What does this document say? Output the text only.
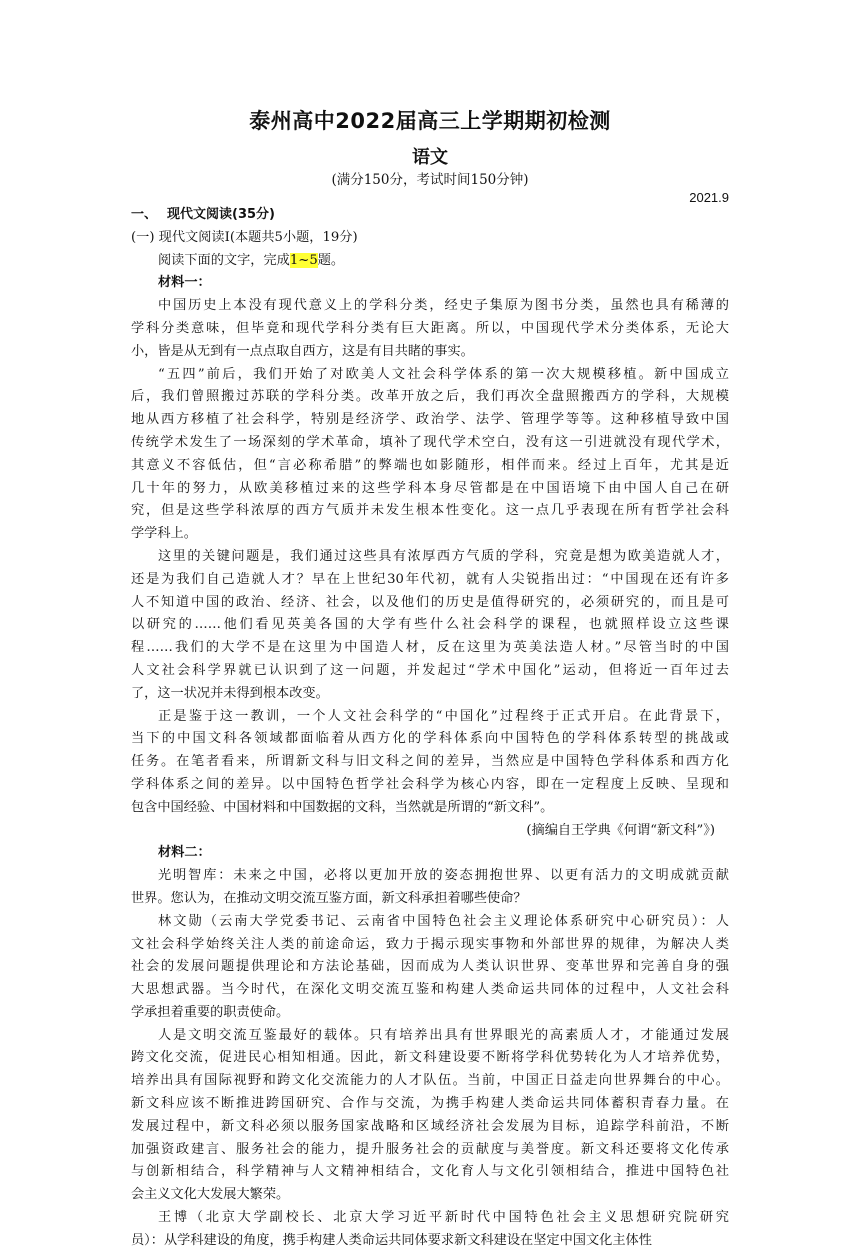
泰州高中2022届高三上学期期初检测
语文
(满分150分，考试时间150分钟)
2021.9
一、 现代文阅读(35分)
(一) 现代文阅读Ⅰ(本题共5小题，19分)
阅读下面的文字，完成1~5题。
材料一：
中国历史上本没有现代意义上的学科分类，经史子集原为图书分类，虽然也具有稀薄的
学科分类意味，但毕竟和现代学科分类有巨大距离。所以，中国现代学术分类体系，无论大
小，皆是从无到有一点点取自西方，这是有目共睹的事实。
“五四”前后，我们开始了对欧美人文社会科学体系的第一次大规模移植。新中国成立
后，我们曾照搬过苏联的学科分类。改革开放之后，我们再次全盘照搬西方的学科，大规模
地从西方移植了社会科学，特别是经济学、政治学、法学、管理学等等。这种移植导致中国
传统学术发生了一场深刻的学术革命，填补了现代学术空白，没有这一引进就没有现代学术，
其意义不容低估，但“言必称希腊”的弊端也如影随形，相伴而来。经过上百年，尤其是近
几十年的努力，从欧美移植过来的这些学科本身尽管都是在中国语境下由中国人自己在研
究，但是这些学科浓厚的西方气质并未发生根本性变化。这一点几乎表现在所有哲学社会科
学学科上。
这里的关键问题是，我们通过这些具有浓厚西方气质的学科，究竟是想为欧美造就人才，
还是为我们自己造就人才？早在上世纪30年代初，就有人尖锐指出过：“中国现在还有许多
人不知道中国的政治、经济、社会，以及他们的历史是值得研究的，必须研究的，而且是可
以研究的……他们看见英美各国的大学有些什么社会科学的课程，也就照样设立这些课
程……我们的大学不是在这里为中国造人材，反在这里为英美法造人材。”尽管当时的中国
人文社会科学界就已认识到了这一问题，并发起过“学术中国化”运动，但将近一百年过去
了，这一状况并未得到根本改变。
正是鉴于这一教训，一个人文社会科学的“中国化”过程终于正式开启。在此背景下，
当下的中国文科各领域都面临着从西方化的学科体系向中国特色的学科体系转型的挑战或
任务。在笔者看来，所谓新文科与旧文科之间的差异，当然应是中国特色学科体系和西方化
学科体系之间的差异。以中国特色哲学社会科学为核心内容，即在一定程度上反映、呈现和
包含中国经验、中国材料和中国数据的文科，当然就是所谓的“新文科”。
(摘编自王学典《何谓“新文科”》)
材料二：
光明智库：未来之中国，必将以更加开放的姿态拥抱世界、以更有活力的文明成就贡献
世界。您认为，在推动文明交流互鉴方面，新文科承担着哪些使命？
林文勋（云南大学党委书记、云南省中国特色社会主义理论体系研究中心研究员）：人
文社会科学始终关注人类的前途命运，致力于揭示现实事物和外部世界的规律，为解决人类
社会的发展问题提供理论和方法论基础，因而成为人类认识世界、变革世界和完善自身的强
大思想武器。当今时代，在深化文明交流互鉴和构建人类命运共同体的过程中，人文社会科
学承担着重要的职责使命。
人是文明交流互鉴最好的载体。只有培养出具有世界眼光的高素质人才，才能通过发展
跨文化交流，促进民心相知相通。因此，新文科建设要不断将学科优势转化为人才培养优势，
培养出具有国际视野和跨文化交流能力的人才队伍。当前，中国正日益走向世界舞台的中心。
新文科应该不断推进跨国研究、合作与交流，为携手构建人类命运共同体蓄积青春力量。在
发展过程中，新文科必须以服务国家战略和区域经济社会发展为目标，追踪学科前沿，不断
加强资政建言、服务社会的能力，提升服务社会的贡献度与美誉度。新文科还要将文化传承
与创新相结合，科学精神与人文精神相结合，文化育人与文化引领相结合，推进中国特色社
会主义文化大发展大繁荣。
王博（北京大学副校长、北京大学习近平新时代中国特色社会主义思想研究院研究
员）：从学科建设的角度，携手构建人类命运共同体要求新文科建设在坚定中国文化主体性
